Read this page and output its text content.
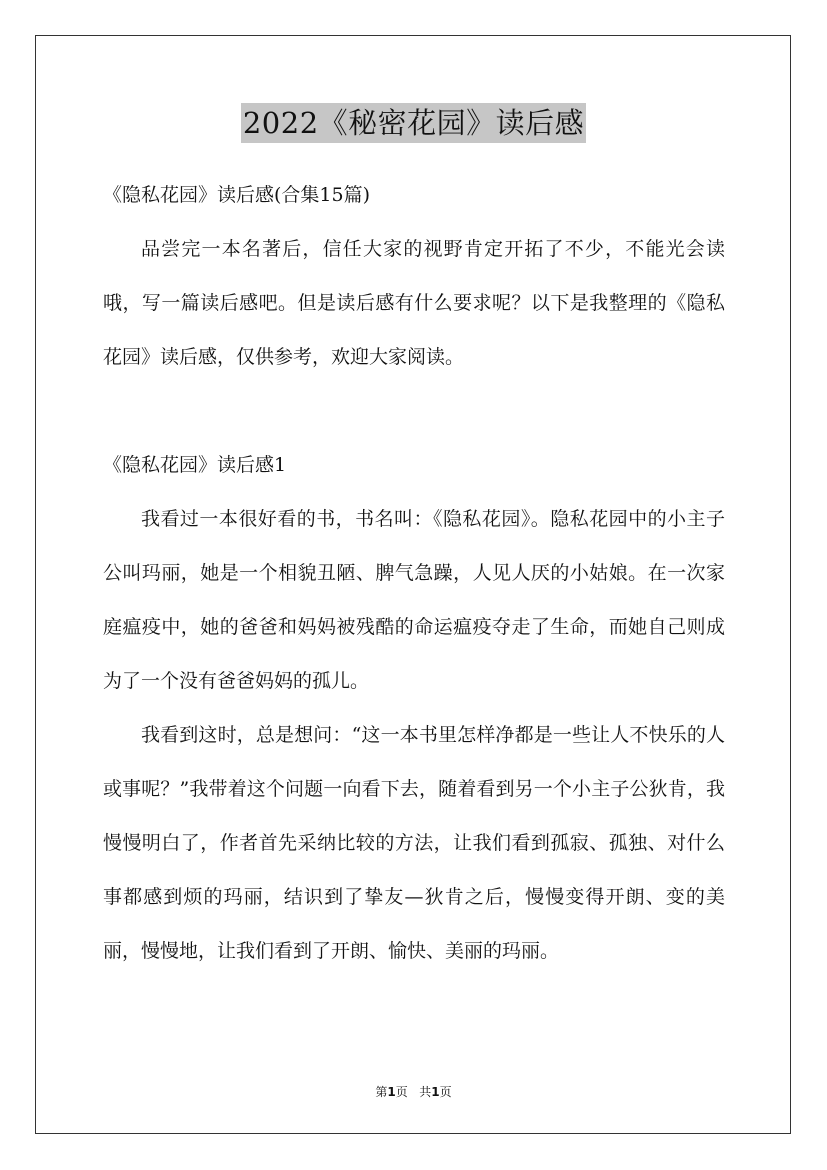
2022《秘密花园》读后感
《隐私花园》读后感(合集15篇)

品尝完一本名著后，信任大家的视野肯定开拓了不少，不能光会读哦，写一篇读后感吧。但是读后感有什么要求呢？以下是我整理的《隐私花园》读后感，仅供参考，欢迎大家阅读。

《隐私花园》读后感1

我看过一本很好看的书，书名叫：《隐私花园》。隐私花园中的小主子公叫玛丽，她是一个相貌丑陋、脾气急躁，人见人厌的小姑娘。在一次家庭瘟疫中，她的爸爸和妈妈被残酷的命运瘟疫夺走了生命，而她自己则成为了一个没有爸爸妈妈的孤儿。

我看到这时，总是想问：“这一本书里怎样净都是一些让人不快乐的人或事呢？”我带着这个问题一向看下去，随着看到另一个小主子公狄肯，我慢慢明白了，作者首先采纳比较的方法，让我们看到孤寂、孤独、对什么事都感到烦的玛丽，结识到了挚友—狄肯之后，慢慢变得开朗、变的美丽，慢慢地，让我们看到了开朗、愉快、美丽的玛丽。

第1页 共1页
